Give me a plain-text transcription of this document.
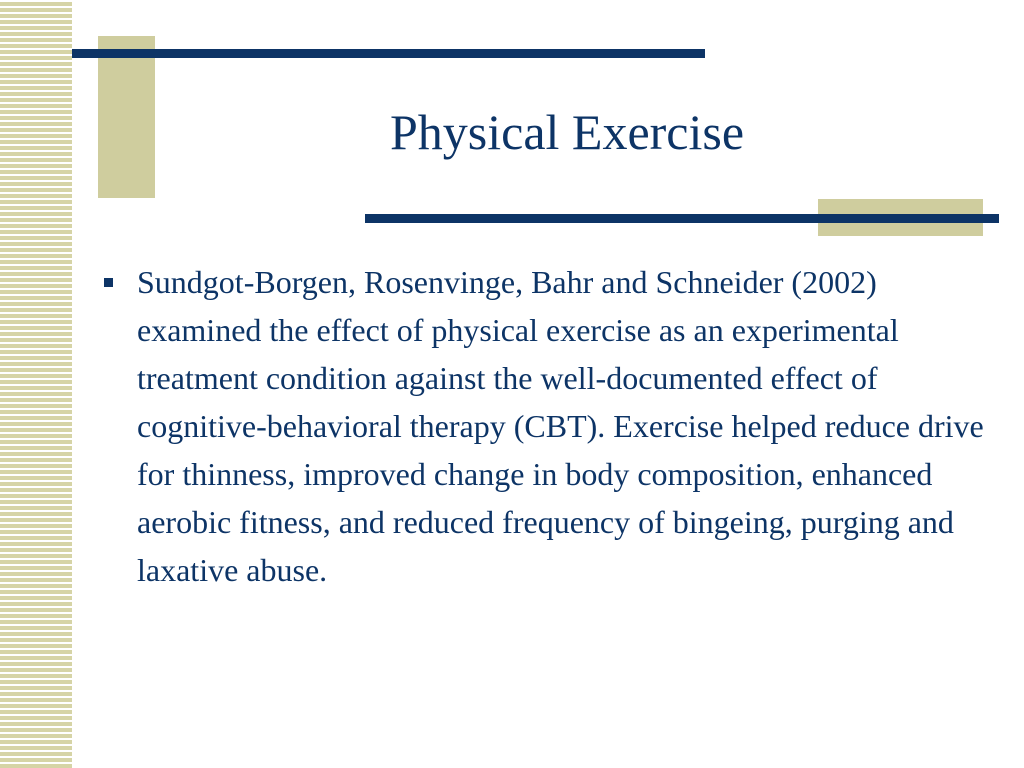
Physical Exercise

Sundgot-Borgen, Rosenvinge, Bahr and Schneider (2002) examined the effect of physical exercise as an experimental treatment condition against the well-documented effect of cognitive-behavioral therapy (CBT). Exercise helped reduce drive for thinness, improved change in body composition, enhanced aerobic fitness, and reduced frequency of bingeing, purging and laxative abuse.
